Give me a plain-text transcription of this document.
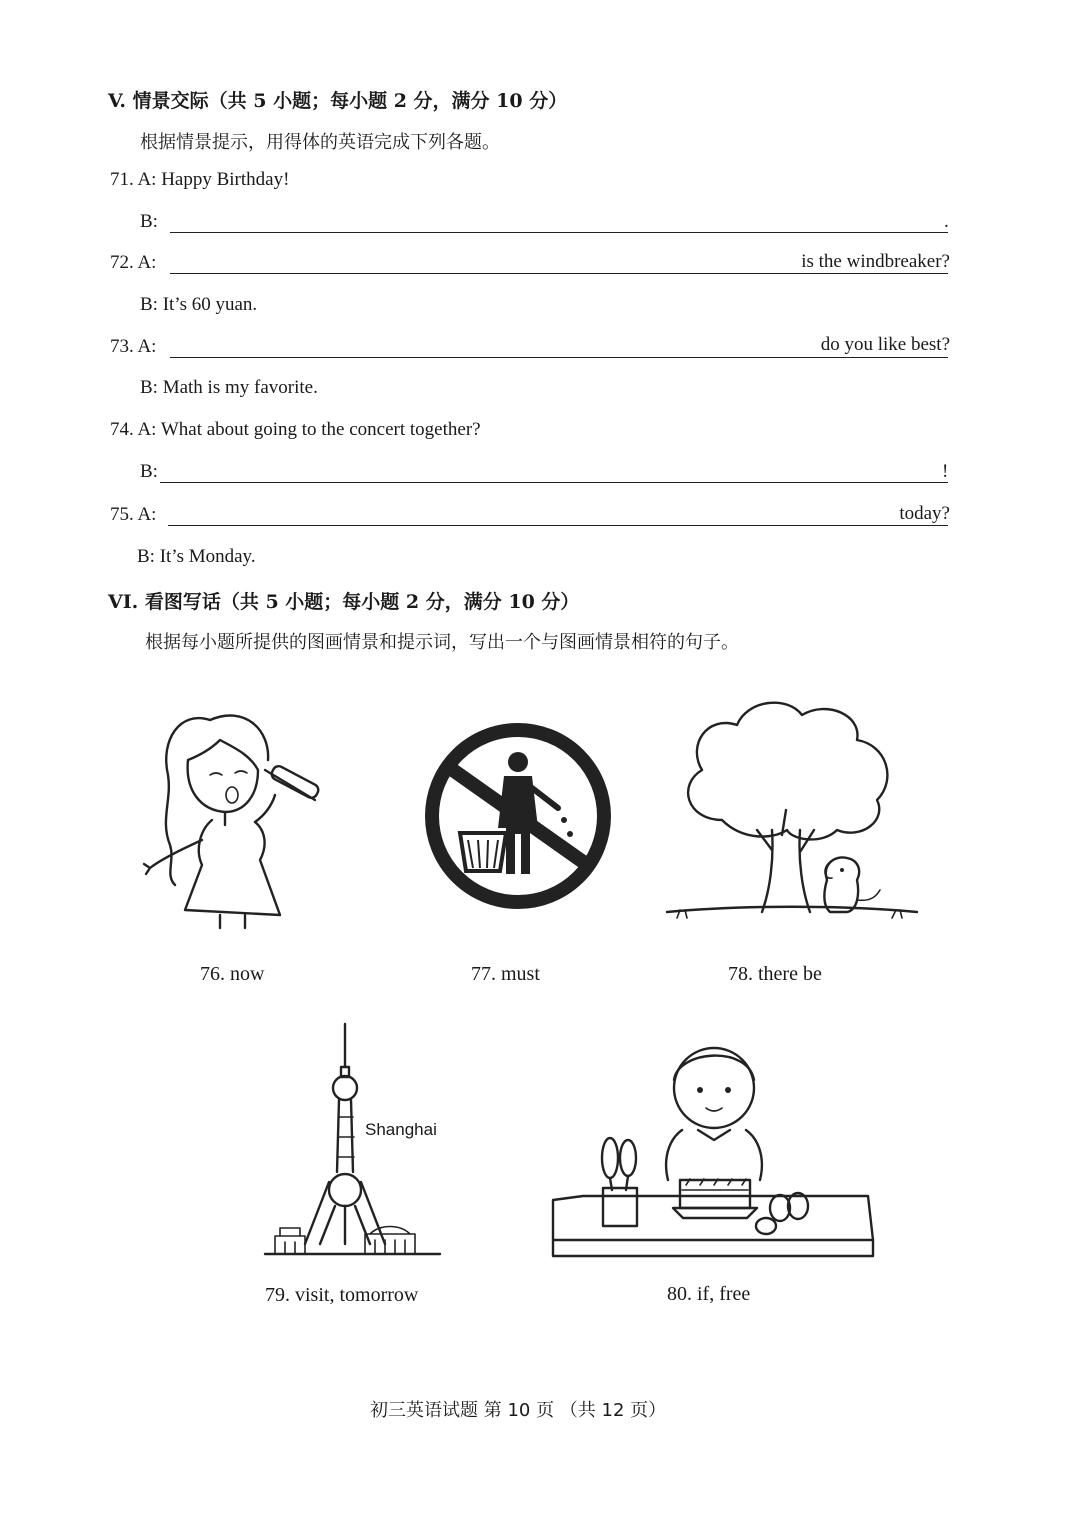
V. 情景交际（共 5 小题；每小题 2 分，满分 10 分）
根据情景提示，用得体的英语完成下列各题。
71. A: Happy Birthday!
B:	.
72. A:	is the windbreaker?
B: It’s 60 yuan.
73. A:	do you like best?
B: Math is my favorite.
74. A: What about going to the concert together?
B:	!
75. A:	today?
B: It’s Monday.
VI. 看图写话（共 5 小题；每小题 2 分，满分 10 分）
根据每小题所提供的图画情景和提示词，写出一个与图画情景相符的句子。
76. now	77. must	78. there be
Shanghai
79. visit, tomorrow	80. if, free
初三英语试题 第 10 页 （共 12 页）
